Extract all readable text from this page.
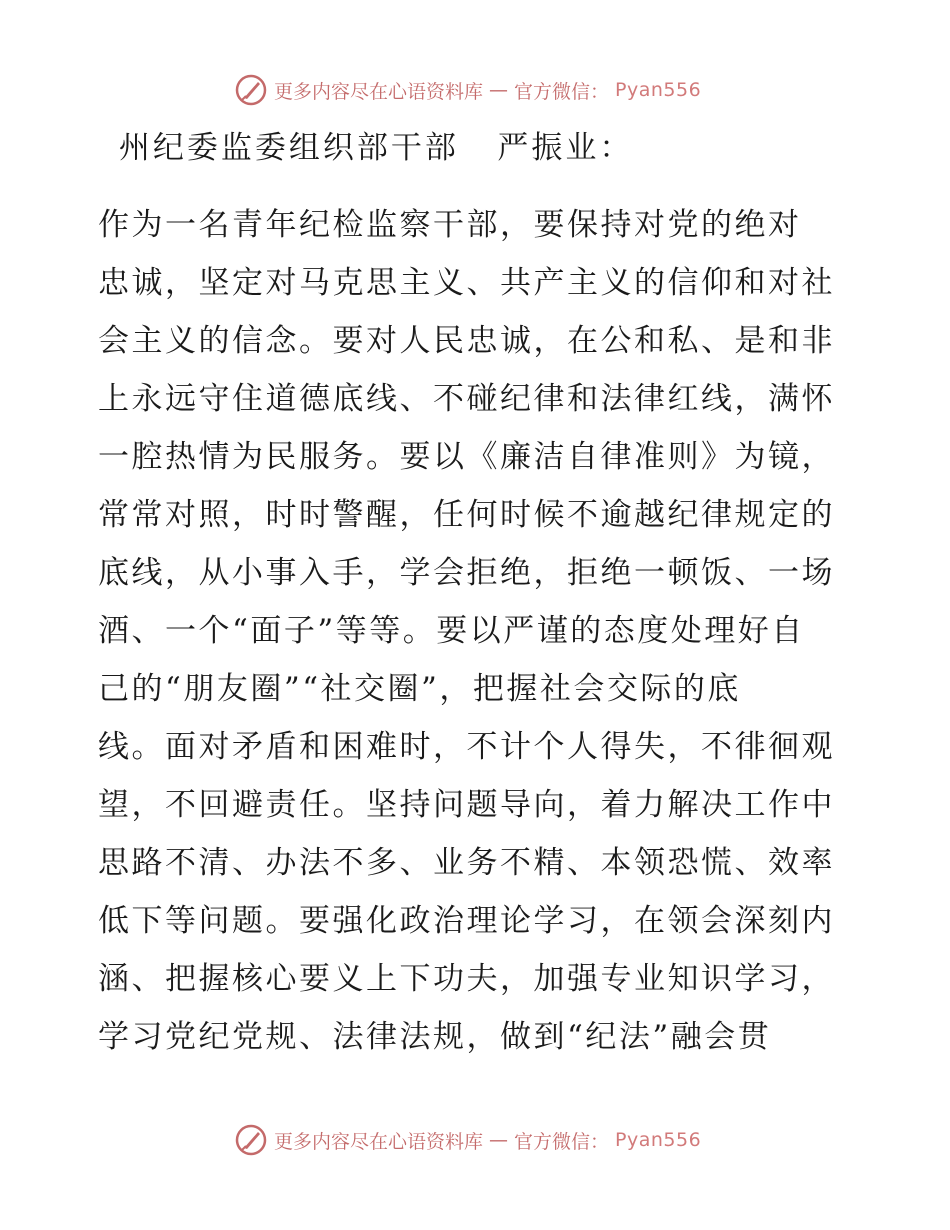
更多内容尽在心语资料库 — 官方微信： Pyan556
州纪委监委组织部干部   严振业：
作为一名青年纪检监察干部，要保持对党的绝对
忠诚，坚定对马克思主义、共产主义的信仰和对社
会主义的信念。要对人民忠诚，在公和私、是和非
上永远守住道德底线、不碰纪律和法律红线，满怀
一腔热情为民服务。要以《廉洁自律准则》为镜，
常常对照，时时警醒，任何时候不逾越纪律规定的
底线，从小事入手，学会拒绝，拒绝一顿饭、一场
酒、一个“面子”等等。要以严谨的态度处理好自
己的“朋友圈”“社交圈”，把握社会交际的底
线。面对矛盾和困难时，不计个人得失，不徘徊观
望，不回避责任。坚持问题导向，着力解决工作中
思路不清、办法不多、业务不精、本领恐慌、效率
低下等问题。要强化政治理论学习，在领会深刻内
涵、把握核心要义上下功夫，加强专业知识学习，
学习党纪党规、法律法规，做到“纪法”融会贯
更多内容尽在心语资料库 — 官方微信： Pyan556
